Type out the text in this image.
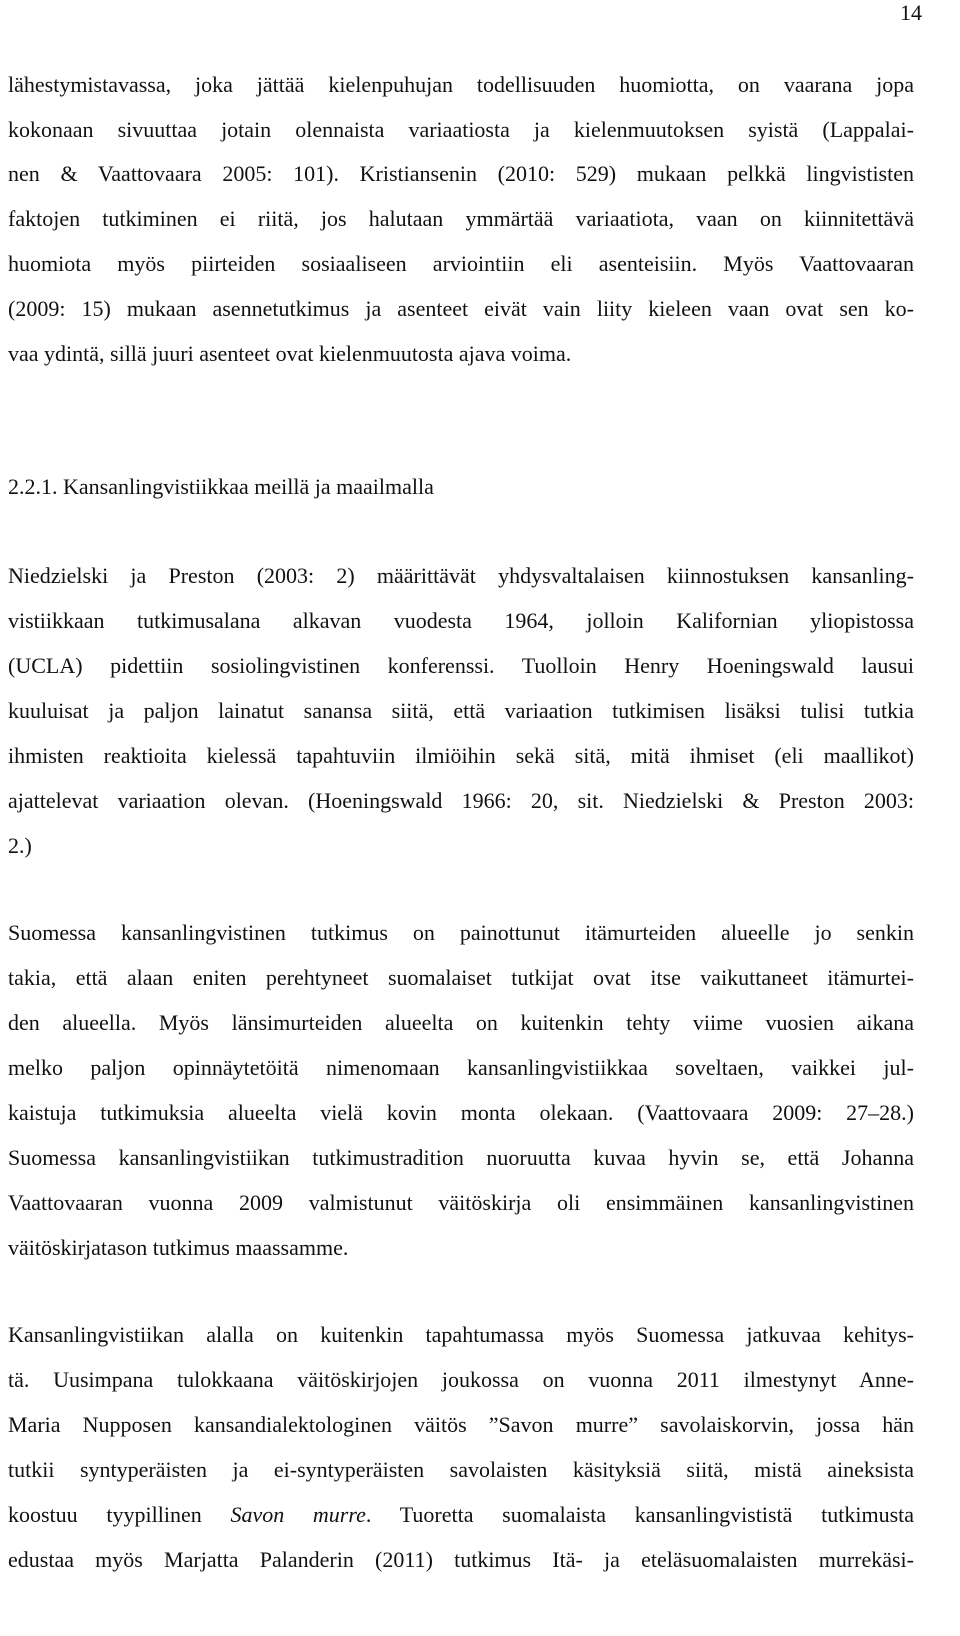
14
lähestymistavassa, joka jättää kielenpuhujan todellisuuden huomiotta, on vaarana jopa
kokonaan sivuuttaa jotain olennaista variaatiosta ja kielenmuutoksen syistä (Lappalai-
nen & Vaattovaara 2005: 101). Kristiansenin (2010: 529) mukaan pelkkä lingvististen
faktojen tutkiminen ei riitä, jos halutaan ymmärtää variaatiota, vaan on kiinnitettävä
huomiota myös piirteiden sosiaaliseen arviointiin eli asenteisiin. Myös Vaattovaaran
(2009: 15) mukaan asennetutkimus ja asenteet eivät vain liity kieleen vaan ovat sen ko-
vaa ydintä, sillä juuri asenteet ovat kielenmuutosta ajava voima.
2.2.1. Kansanlingvistiikkaa meillä ja maailmalla
Niedzielski ja Preston (2003: 2) määrittävät yhdysvaltalaisen kiinnostuksen kansanling-
vistiikkaan tutkimusalana alkavan vuodesta 1964, jolloin Kalifornian yliopistossa
(UCLA) pidettiin sosiolingvistinen konferenssi. Tuolloin Henry Hoeningswald lausui
kuuluisat ja paljon lainatut sanansa siitä, että variaation tutkimisen lisäksi tulisi tutkia
ihmisten reaktioita kielessä tapahtuviin ilmiöihin sekä sitä, mitä ihmiset (eli maallikot)
ajattelevat variaation olevan. (Hoeningswald 1966: 20, sit. Niedzielski & Preston 2003:
2.)
Suomessa kansanlingvistinen tutkimus on painottunut itämurteiden alueelle jo senkin
takia, että alaan eniten perehtyneet suomalaiset tutkijat ovat itse vaikuttaneet itämurtei-
den alueella. Myös länsimurteiden alueelta on kuitenkin tehty viime vuosien aikana
melko paljon opinnäytetöitä nimenomaan kansanlingvistiikkaa soveltaen, vaikkei jul-
kaistuja tutkimuksia alueelta vielä kovin monta olekaan. (Vaattovaara 2009: 27–28.)
Suomessa kansanlingvistiikan tutkimustradition nuoruutta kuvaa hyvin se, että Johanna
Vaattovaaran vuonna 2009 valmistunut väitöskirja oli ensimmäinen kansanlingvistinen
väitöskirjatason tutkimus maassamme.
Kansanlingvistiikan alalla on kuitenkin tapahtumassa myös Suomessa jatkuvaa kehitys-
tä. Uusimpana tulokkaana väitöskirjojen joukossa on vuonna 2011 ilmestynyt Anne-
Maria Nupposen kansandialektologinen väitös ”Savon murre” savolaiskorvin, jossa hän
tutkii syntyperäisten ja ei-syntyperäisten savolaisten käsityksiä siitä, mistä aineksista
koostuu tyypillinen Savon murre. Tuoretta suomalaista kansanlingvististä tutkimusta
edustaa myös Marjatta Palanderin (2011) tutkimus Itä- ja eteläsuomalaisten murrekäsi-
